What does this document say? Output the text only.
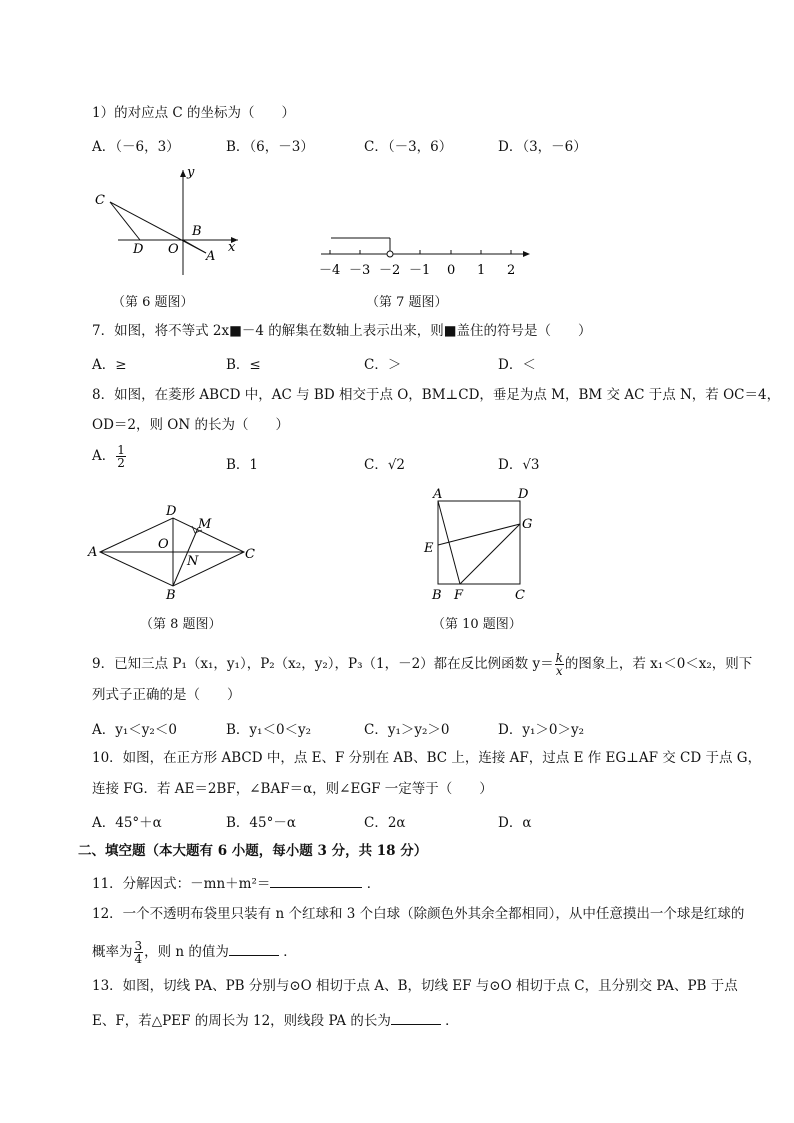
1）的对应点 C 的坐标为（　　）
A．（－6，3）	B．（6，－3）	C．（－3，6）	D．（3，－6）
y
C
B
D O A
x
（第 6 题图）
－4 －3 －2 －1 0 1 2
（第 7 题图）
7．如图，将不等式 2x■－4 的解集在数轴上表示出来，则■盖住的符号是（　　）
A．≥	B．≤	C．＞	D．＜
8．如图，在菱形 ABCD 中，AC 与 BD 相交于点 O，BM⊥CD，垂足为点 M，BM 交 AC 于点 N，若 OC＝4，
OD＝2，则 ON 的长为（　　）
A． $\frac{1}{2}$	B．1	C．√2	D．√3
D
M
A
O
N	C
B
（第 8 题图）
A	D
G
E
B F	C
（第 10 题图）
9．已知三点 P₁（x₁，y₁），P₂（x₂，y₂），P₃（1，－2）都在反比例函数 $y= \frac{k}{x}$ 的图象上，若 x₁＜0＜x₂，则下
列式子正确的是（　　）
A．y₁＜y₂＜0	B．y₁＜0＜y₂	C．y₁＞y₂＞0	D．y₁＞0＞y₂
10．如图，在正方形 ABCD 中，点 E、F 分别在 AB、BC 上，连接 AF，过点 E 作 EG⊥AF 交 CD 于点 G，
连接 FG．若 AE＝2BF，∠BAF＝α，则∠EGF 一定等于（　　）
A．45°＋α	B．45°－α	C．2α	D．α
二、填空题（本大题有 6 小题，每小题 3 分，共 18 分）
11．分解因式：－mn＋m²＝	．
12．一个不透明布袋里只装有 n 个红球和 3 个白球（除颜色外其余全都相同），从中任意摸出一个球是红球的
概率为 $\frac{3}{4}$ ，则 n 的值为	．
13．如图，切线 PA、PB 分别与⊙O 相切于点 A、B，切线 EF 与⊙O 相切于点 C，且分别交 PA、PB 于点
E、F，若△PEF 的周长为 12，则线段 PA 的长为	．
